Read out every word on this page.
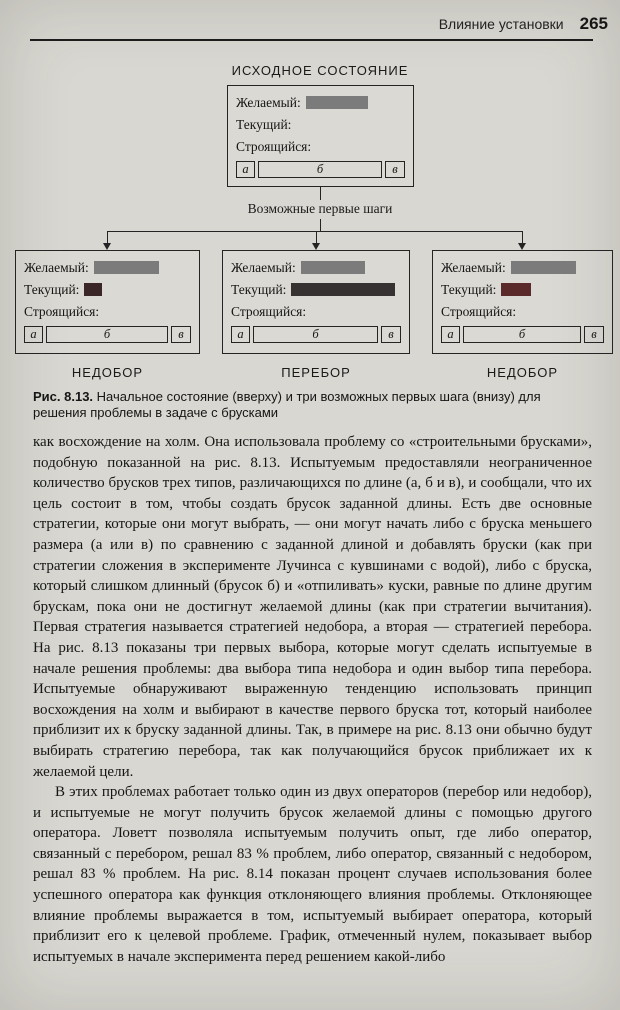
Влияние установки 265
ИСХОДНОЕ СОСТОЯНИЕ
Желаемый:
Текущий:
Строящийся:
а	б	в
Возможные первые шаги
Желаемый:
Текущий:
Строящийся:
а	б	в
Желаемый:
Текущий:
Строящийся:
а	б	в
Желаемый:
Текущий:
Строящийся:
а	б	в
НЕДОБОР	ПЕРЕБОР	НЕДОБОР
Рис. 8.13. Начальное состояние (вверху) и три возможных первых шага (внизу) для решения проблемы в задаче с брусками

как восхождение на холм. Она использовала проблему со «строительными брусками», подобную показанной на рис. 8.13. Испытуемым предоставляли неограниченное количество брусков трех типов, различающихся по длине (а, б и в), и сообщали, что их цель состоит в том, чтобы создать брусок заданной длины. Есть две основные стратегии, которые они могут выбрать, — они могут начать либо с бруска меньшего размера (а или в) по сравнению с заданной длиной и добавлять бруски (как при стратегии сложения в эксперименте Лучинса с кувшинами с водой), либо с бруска, который слишком длинный (брусок б) и «отпиливать» куски, равные по длине другим брускам, пока они не достигнут желаемой длины (как при стратегии вычитания). Первая стратегия называется стратегией недобора, а вторая — стратегией перебора. На рис. 8.13 показаны три первых выбора, которые могут сделать испытуемые в начале решения проблемы: два выбора типа недобора и один выбор типа перебора. Испытуемые обнаруживают выраженную тенденцию использовать принцип восхождения на холм и выбирают в качестве первого бруска тот, который наиболее приблизит их к бруску заданной длины. Так, в примере на рис. 8.13 они обычно будут выбирать стратегию перебора, так как получающийся брусок приближает их к желаемой цели.

В этих проблемах работает только один из двух операторов (перебор или недобор), и испытуемые не могут получить брусок желаемой длины с помощью другого оператора. Ловетт позволяла испытуемым получить опыт, где либо оператор, связанный с перебором, решал 83 % проблем, либо оператор, связанный с недобором, решал 83 % проблем. На рис. 8.14 показан процент случаев использования более успешного оператора как функция отклоняющего влияния проблемы. Отклоняющее влияние проблемы выражается в том, испытуемый выбирает оператора, который приблизит его к целевой проблеме. График, отмеченный нулем, показывает выбор испытуемых в начале эксперимента перед решением какой-либо
